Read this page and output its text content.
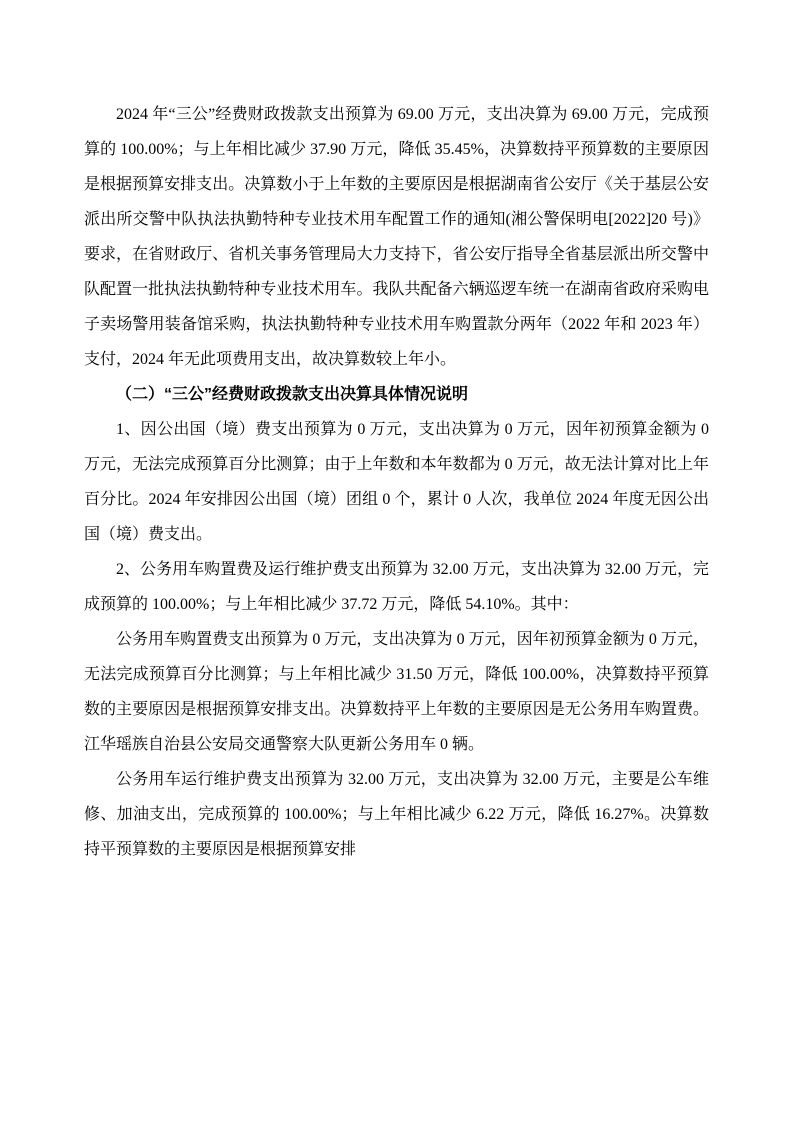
2024 年“三公”经费财政拨款支出预算为 69.00 万元，支出决算为 69.00 万元，完成预算的 100.00%；与上年相比减少 37.90 万元，降低 35.45%，决算数持平预算数的主要原因是根据预算安排支出。决算数小于上年数的主要原因是根据湖南省公安厅《关于基层公安派出所交警中队执法执勤特种专业技术用车配置工作的通知(湘公警保明电[2022]20 号)》要求，在省财政厅、省机关事务管理局大力支持下，省公安厅指导全省基层派出所交警中队配置一批执法执勤特种专业技术用车。我队共配备六辆巡逻车统一在湖南省政府采购电子卖场警用装备馆采购，执法执勤特种专业技术用车购置款分两年（2022 年和 2023 年）支付，2024 年无此项费用支出，故决算数较上年小。

（二）“三公”经费财政拨款支出决算具体情况说明

1、因公出国（境）费支出预算为 0 万元，支出决算为 0 万元，因年初预算金额为 0 万元，无法完成预算百分比测算；由于上年数和本年数都为 0 万元，故无法计算对比上年百分比。2024 年安排因公出国（境）团组 0 个，累计 0 人次，我单位 2024 年度无因公出国（境）费支出。

2、公务用车购置费及运行维护费支出预算为 32.00 万元，支出决算为 32.00 万元，完成预算的 100.00%；与上年相比减少 37.72 万元，降低 54.10%。其中：

公务用车购置费支出预算为 0 万元，支出决算为 0 万元，因年初预算金额为 0 万元，无法完成预算百分比测算；与上年相比减少 31.50 万元，降低 100.00%，决算数持平预算数的主要原因是根据预算安排支出。决算数持平上年数的主要原因是无公务用车购置费。江华瑶族自治县公安局交通警察大队更新公务用车 0 辆。

公务用车运行维护费支出预算为 32.00 万元，支出决算为 32.00 万元，主要是公车维修、加油支出，完成预算的 100.00%；与上年相比减少 6.22 万元，降低 16.27%。决算数持平预算数的主要原因是根据预算安排
